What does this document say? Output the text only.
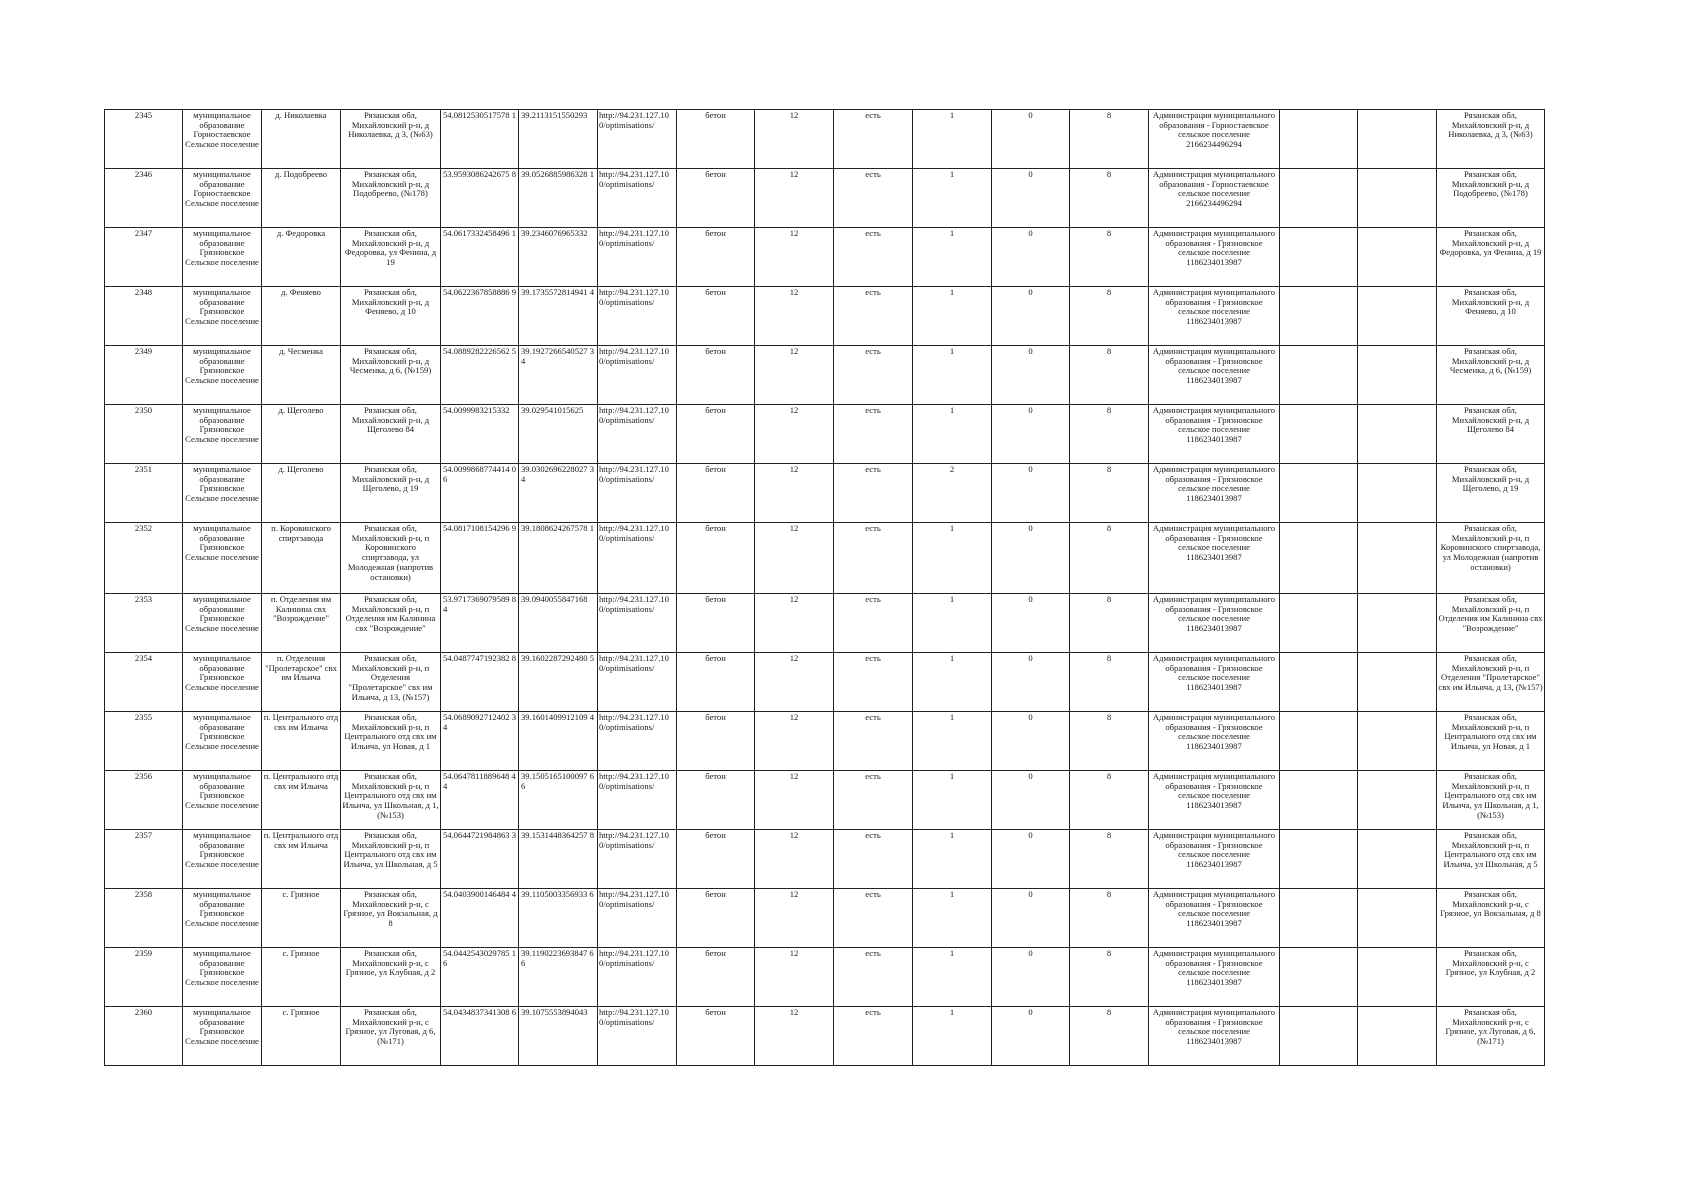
2345	муниципальное образование Горностаевское Сельское поселение	д. Николаевка	Рязанская обл, Михайловский р-н, д Николаевка, д 3, (№63)	54.0812530517578 1	39.2113151550293	http://94.231.127.10 0/optimisations/	бетон	12	есть	1	0	8	Администрация муниципального образования - Горностаевское сельское поселение 2166234496294			Рязанская обл, Михайловский р-н, д Николаевка, д 3, (№63)
2346	муниципальное образование Горностаевское Сельское поселение	д. Подобреево	Рязанская обл, Михайловский р-н, д Подобреево, (№178)	53.9593086242675 8	39.0526885986328 1	http://94.231.127.10 0/optimisations/	бетон	12	есть	1	0	8	Администрация муниципального образования - Горностаевское сельское поселение 2166234496294			Рязанская обл, Михайловский р-н, д Подобреево, (№178)
2347	муниципальное образование Грязновское Сельское поселение	д. Федоровка	Рязанская обл, Михайловский р-н, д Федоровка, ул Фенина, д 19	54.0617332458496 1	39.2346076965332	http://94.231.127.10 0/optimisations/	бетон	12	есть	1	0	8	Администрация муниципального образования - Грязновское сельское поселение 1186234013987			Рязанская обл, Михайловский р-н, д Федоровка, ул Фенина, д 19
2348	муниципальное образование Грязновское Сельское поселение	д. Феняево	Рязанская обл, Михайловский р-н, д Феняево, д 10	54.0622367858886 9	39.1735572814941 4	http://94.231.127.10 0/optimisations/	бетон	12	есть	1	0	8	Администрация муниципального образования - Грязновское сельское поселение 1186234013987			Рязанская обл, Михайловский р-н, д Феняево, д 10
2349	муниципальное образование Грязновское Сельское поселение	д. Чесменка	Рязанская обл, Михайловский р-н, д Чесменка, д 6, (№159)	54.0889282226562 5	39.1927266540527 34	http://94.231.127.10 0/optimisations/	бетон	12	есть	1	0	8	Администрация муниципального образования - Грязновское сельское поселение 1186234013987			Рязанская обл, Михайловский р-н, д Чесменка, д 6, (№159)
2350	муниципальное образование Грязновское Сельское поселение	д. Щеголево	Рязанская обл, Михайловский р-н, д Щеголево 84	54.0099983215332	39.029541015625	http://94.231.127.10 0/optimisations/	бетон	12	есть	1	0	8	Администрация муниципального образования - Грязновское сельское поселение 1186234013987			Рязанская обл, Михайловский р-н, д Щеголево 84
2351	муниципальное образование Грязновское Сельское поселение	д. Щеголево	Рязанская обл, Михайловский р-н, д Щеголево, д 19	54.0099868774414 06	39.0302696228027 34	http://94.231.127.10 0/optimisations/	бетон	12	есть	2	0	8	Администрация муниципального образования - Грязновское сельское поселение 1186234013987			Рязанская обл, Михайловский р-н, д Щеголево, д 19
2352	муниципальное образование Грязновское Сельское поселение	п. Коровинского спиртзавода	Рязанская обл, Михайловский р-н, п Коровинского спиртзавода, ул Молодежная (напротив остановки)	54.0817108154296 9	39.1808624267578 1	http://94.231.127.10 0/optimisations/	бетон	12	есть	1	0	8	Администрация муниципального образования - Грязновское сельское поселение 1186234013987			Рязанская обл, Михайловский р-н, п Коровинского спиртзавода, ул Молодежная (напротив остановки)
2353	муниципальное образование Грязновское Сельское поселение	п. Отделения им Калинина свх "Возрождение"	Рязанская обл, Михайловский р-н, п Отделения им Калинина свх "Возрождение"	53.9717369079589 84	39.0940055847168	http://94.231.127.10 0/optimisations/	бетон	12	есть	1	0	8	Администрация муниципального образования - Грязновское сельское поселение 1186234013987			Рязанская обл, Михайловский р-н, п Отделения им Калинина свх "Возрождение"
2354	муниципальное образование Грязновское Сельское поселение	п. Отделения "Пролетарское" свх им Ильича	Рязанская обл, Михайловский р-н, п Отделения "Пролетарское" свх им Ильича, д 13, (№157)	54.0487747192382 8	39.1602287292480 5	http://94.231.127.10 0/optimisations/	бетон	12	есть	1	0	8	Администрация муниципального образования - Грязновское сельское поселение 1186234013987			Рязанская обл, Михайловский р-н, п Отделения "Пролетарское" свх им Ильича, д 13, (№157)
2355	муниципальное образование Грязновское Сельское поселение	п. Центрального отд свх им Ильича	Рязанская обл, Михайловский р-н, п Центрального отд свх им Ильича, ул Новая, д 1	54.0689092712402 34	39.1601409912109 4	http://94.231.127.10 0/optimisations/	бетон	12	есть	1	0	8	Администрация муниципального образования - Грязновское сельское поселение 1186234013987			Рязанская обл, Михайловский р-н, п Центрального отд свх им Ильича, ул Новая, д 1
2356	муниципальное образование Грязновское Сельское поселение	п. Центрального отд свх им Ильича	Рязанская обл, Михайловский р-н, п Центрального отд свх им Ильича, ул Школьная, д 1, (№153)	54.0647811889648 44	39.1505165100097 66	http://94.231.127.10 0/optimisations/	бетон	12	есть	1	0	8	Администрация муниципального образования - Грязновское сельское поселение 1186234013987			Рязанская обл, Михайловский р-н, п Центрального отд свх им Ильича, ул Школьная, д 1, (№153)
2357	муниципальное образование Грязновское Сельское поселение	п. Центрального отд свх им Ильича	Рязанская обл, Михайловский р-н, п Центрального отд свх им Ильича, ул Школьная, д 5	54.0644721984863 3	39.1531448364257 8	http://94.231.127.10 0/optimisations/	бетон	12	есть	1	0	8	Администрация муниципального образования - Грязновское сельское поселение 1186234013987			Рязанская обл, Михайловский р-н, п Центрального отд свх им Ильича, ул Школьная, д 5
2358	муниципальное образование Грязновское Сельское поселение	с. Грязное	Рязанская обл, Михайловский р-н, с Грязное, ул Вокзальная, д 8	54.0403900146484 4	39.1105003356933 6	http://94.231.127.10 0/optimisations/	бетон	12	есть	1	0	8	Администрация муниципального образования - Грязновское сельское поселение 1186234013987			Рязанская обл, Михайловский р-н, с Грязное, ул Вокзальная, д 8
2359	муниципальное образование Грязновское Сельское поселение	с. Грязное	Рязанская обл, Михайловский р-н, с Грязное, ул Клубная, д 2	54.0442543029785 16	39.1190223693847 66	http://94.231.127.10 0/optimisations/	бетон	12	есть	1	0	8	Администрация муниципального образования - Грязновское сельское поселение 1186234013987			Рязанская обл, Михайловский р-н, с Грязное, ул Клубная, д 2
2360	муниципальное образование Грязновское Сельское поселение	с. Грязное	Рязанская обл, Михайловский р-н, с Грязное, ул Луговая, д 6, (№171)	54.0434837341308 6	39.1075553894043	http://94.231.127.10 0/optimisations/	бетон	12	есть	1	0	8	Администрация муниципального образования - Грязновское сельское поселение 1186234013987			Рязанская обл, Михайловский р-н, с Грязное, ул Луговая, д 6, (№171)
